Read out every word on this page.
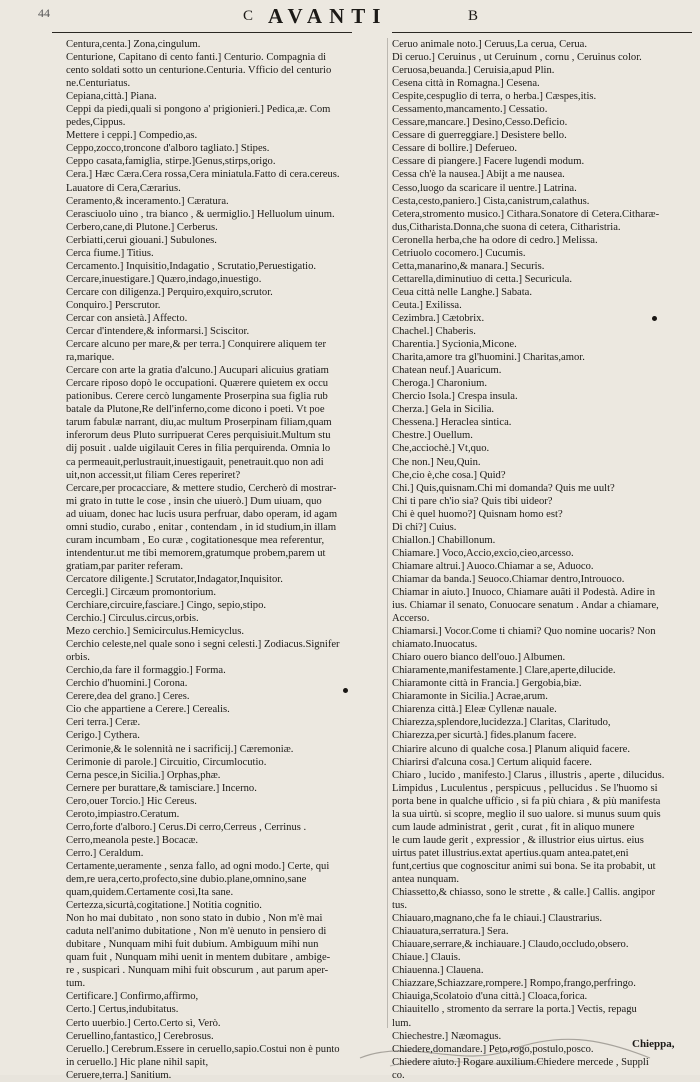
44	C AVANTI	B
Centura,centa.] Zona,cingulum.
Centurione, Capitano di cento fanti.] Centurio. Compagnia di
cento soldati sotto un centurione.Centuria. Vfficio del centurio
ne.Centuriatus.
Cepiana,città.] Piana.
Ceppi da piedi,quali si pongono a' prigionieri.] Pedica,æ. Com
pedes,Cippus.
Mettere i ceppi.] Compedio,as.
Ceppo,zocco,troncone d'alboro tagliato.] Stipes.
Ceppo casata,famiglia, stirpe.]Genus,stirps,origo.
Cera.] Hæc Cæra.Cera rossa,Cera miniatula.Fatto di cera.cereus.
Lauatore di Cera,Cærarius.
Ceramento,& inceramento.] Cæratura.
Cerasciuolo uino , tra bianco , & uermiglio.] Helluolum uinum.
Cerbero,cane,di Plutone.] Cerberus.
Cerbiatti,ceruì giouani.] Subulones.
Cerca fiume.] Titius.
Cercamento.] Inquisitio,Indagatio , Scrutatio,Peruestigatio.
Cercare,inuestigare.] Quæro,indago,inuestigo.
Cercare con diligenza.] Perquiro,exquiro,scrutor.
Conquiro.] Perscrutor.
Cercar con ansietà.] Affecto.
Cercar d'intendere,& informarsi.] Sciscitor.
Cercare alcuno per mare,& per terra.] Conquirere aliquem ter
ra,marique.
Cercare con arte la gratia d'alcuno.] Aucupari alicuius gratiam
Cercare riposo dopò le occupationi. Quærere quietem ex occu
pationibus. Cerere cercò lungamente Proserpina sua figlia rub
batale da Plutone,Re dell'inferno,come dicono i poeti. Vt poe
tarum fabulæ narrant, diu,ac multum Proserpinam filiam,quam
inferorum deus Pluto surripuerat Ceres perquisiuit.Multum stu
dij posuit . ualde uigilauit Ceres in filia perquirenda. Omnia lo
ca permeauit,perlustrauit,inuestigauit, penetrauit.quo non adi
uit,non accessit,ut filiam Ceres reperiret?
Cercare,per procacciare, & mettere studio, Cercherò di mostrar-
mi grato in tutte le cose , insin che uiuerò.] Dum uiuam, quo
ad uiuam, donec hac lucis usura perfruar, dabo operam, id agam
omni studio, curabo , enitar , contendam , in id studium,in illam
curam incumbam , Eo curæ , cogitationesque mea referentur,
intendentur.ut me tibi memorem,gratumque probem,parem ut
gratiam,par pariter referam.
Cercatore diligente.] Scrutator,Indagator,Inquisitor.
Cercegli.] Circæum promontorium.
Cerchiare,circuire,fasciare.] Cingo, sepio,stipo.
Cerchio.] Circulus.circus,orbis.
Mezo cerchio.] Semicirculus.Hemicyclus.
Cerchio celeste,nel quale sono i segni celesti.] Zodiacus.Signifer
orbis.
Cerchio,da fare il formaggio.] Forma.
Cerchio d'huomini.] Corona.
Cerere,dea del grano.] Ceres.
Cio che appartiene a Cerere.] Cerealis.
Ceri terra.] Ceræ.
Cerigo.] Cythera.
Cerimonie,& le solennità ne i sacrificij.] Cæremoniæ.
Cerimonie di parole.] Circuitio, Circumlocutio.
Cerna pesce,in Sicilia.] Orphas,phæ.
Cernere per burattare,& tamisciare.] Incerno.
Cero,ouer Torcio.] Hic Cereus.
Ceroto,impiastro.Ceratum.
Cerro,forte d'alboro.] Cerus.Di cerro,Cerreus , Cerrinus .
Cerro,meanola peste.] Bocacæ.
Cerro.] Ceraldum.
Certamente,ueramente , senza fallo, ad ogni modo.] Certe, qui
dem,re uera,certo,profecto,sine dubio.plane,omnino,sane
quam,quidem.Certamente così,Ita sane.
Certezza,sicurtà,cogitatione.] Notitia cognitio.
Non ho mai dubitato , non sono stato in dubio , Non m'è mai
caduta nell'animo dubitatione , Non m'è uenuto in pensiero di
dubitare , Nunquam mihi fuit dubium. Ambiguum mihi nun
quam fuit , Nunquam mihi uenit in mentem dubitare , ambige-
re , suspicari . Nunquam mihi fuit obscurum , aut parum aper-
tum.
Certificare.] Confirmo,affirmo,
Certo.] Certus,indubitatus.
Certo uuerbio.] Certo.Certo sì, Verò.
Ceruellino,fantastico,] Cerebrosus.
Ceruello.] Cerebrum.Essere in ceruello,sapio.Costui non è punto
in ceruello.] Hic plane nihil sapit,
Ceruere,terra.] Sanitium.
Ceruo animale noto.] Ceruus,La cerua, Cerua.
Di ceruo.] Ceruinus , ut Ceruinum , cornu , Ceruinus color.
Ceruosa,beuanda.] Ceruisia,apud Plin.
Cesena città in Romagna.] Cesena.
Cespite,cespuglio di terra, o herba.] Cæspes,itis.
Cessamento,mancamento.] Cessatio.
Cessare,mancare.] Desino,Cesso.Deficio.
Cessare di guerreggiare.] Desistere bello.
Cessare di bollire.] Deferueo.
Cessare di piangere.] Facere lugendi modum.
Cessa ch'è la nausea.] Abijt a me nausea.
Cesso,luogo da scaricare il uentre.] Latrina.
Cesta,cesto,paniero.] Cista,canistrum,calathus.
Cetera,stromento musico.] Cithara.Sonatore di Cetera.Citharæ-
dus,Citharista.Donna,che suona di cetera, Citharistria.
Ceronella herba,che ha odore di cedro.] Melissa.
Cetriuolo cocomero.] Cucumis.
Cetta,manarino,& manara.] Securis.
Cettarella,diminutiuo di cetta.] Securicula.
Ceua città nelle Langhe.] Sabata.
Ceuta.] Exilissa.
Cezimbra.] Cætobrix.
Chachel.] Chaberis.
Charentia.] Sycionia,Micone.
Charita,amore tra gl'huomini.] Charitas,amor.
Chatean neuf.] Auaricum.
Cheroga.] Charonium.
Chercio Isola.] Crespa insula.
Cherza.] Gela in Sicilia.
Chessena.] Heraclea sintica.
Chestre.] Ouellum.
Che,acciochè.] Vt,quo.
Che non.] Neu,Quin.
Che,cio è,che cosa.] Quid?
Chi.] Quis,quisnam.Chi mi domanda? Quis me uult?
Chi ti pare ch'io sia? Quis tibi uideor?
Chi è quel huomo?] Quisnam homo est?
Di chi?] Cuius.
Chiallon.] Chabillonum.
Chiamare.] Voco,Accio,excio,cieo,arcesso.
Chiamare altrui.] Auoco.Chiamar a se, Aduoco.
Chiamar da banda.] Seuoco.Chiamar dentro,Introuoco.
Chiamar in aiuto.] Inuoco, Chiamare auãti il Podestà. Adire in
ius. Chiamar il senato, Conuocare senatum . Andar a chiamare,
Accerso.
Chiamarsi.] Vocor.Come ti chiami? Quo nomine uocaris? Non
chiamato.Inuocatus.
Chiaro ouero bianco dell'ouo.] Albumen.
Chiaramente,manifestamente.] Clare,aperte,dilucide.
Chiaramonte città in Francia.] Gergobia,biæ.
Chiaramonte in Sicilia.] Acrae,arum.
Chiarenza città.] Eleæ Cyllenæ nauale.
Chiarezza,splendore,lucidezza.] Claritas, Claritudo,
Chiarezza,per sicurtà.] fides.planum facere.
Chiarire alcuno di qualche cosa.] Planum aliquid facere.
Chiarirsi d'alcuna cosa.] Certum aliquid facere.
Chiaro , lucido , manifesto.] Clarus , illustris , aperte , dilucidus.
Limpidus , Luculentus , perspicuus , pellucidus . Se l'huomo si
porta bene in qualche ufficio , si fa più chiara , & più manifesta
la sua uirtù. si scopre, meglio il suo ualore. si munus suum quis
cum laude administrat , gerit , curat , fit in aliquo munere
le cum laude gerit , expressior , & illustrior eius uirtus. eius
uirtus patet illustrius.extat apertius.quam antea.patet,eni
funt,certius que cognoscitur animi sui bona. Se ita probabit, ut
antea nunquam.
Chiassetto,& chiasso, sono le strette , & calle.] Callis. angipor
tus.
Chiauaro,magnano,che fa le chiaui.] Claustrarius.
Chiauatura,serratura.] Sera.
Chiauare,serrare,& inchiauare.] Claudo,occludo,obsero.
Chiaue.] Clauis.
Chiauenna.] Clauena.
Chiazzare,Schiazzare,rompere.] Rompo,frango,perfringo.
Chiauiga,Scolatoio d'una città.] Cloaca,forica.
Chiauitello , stromento da serrare la porta.] Vectis, repagu
lum.
Chiechestre.] Næomagus.
Chiedere,domandare.] Peto,rogo,postulo,posco.
Chiedere aiuto.] Rogare auxilium.Chiedere mercede , Suppli
co.
Chieppa,
